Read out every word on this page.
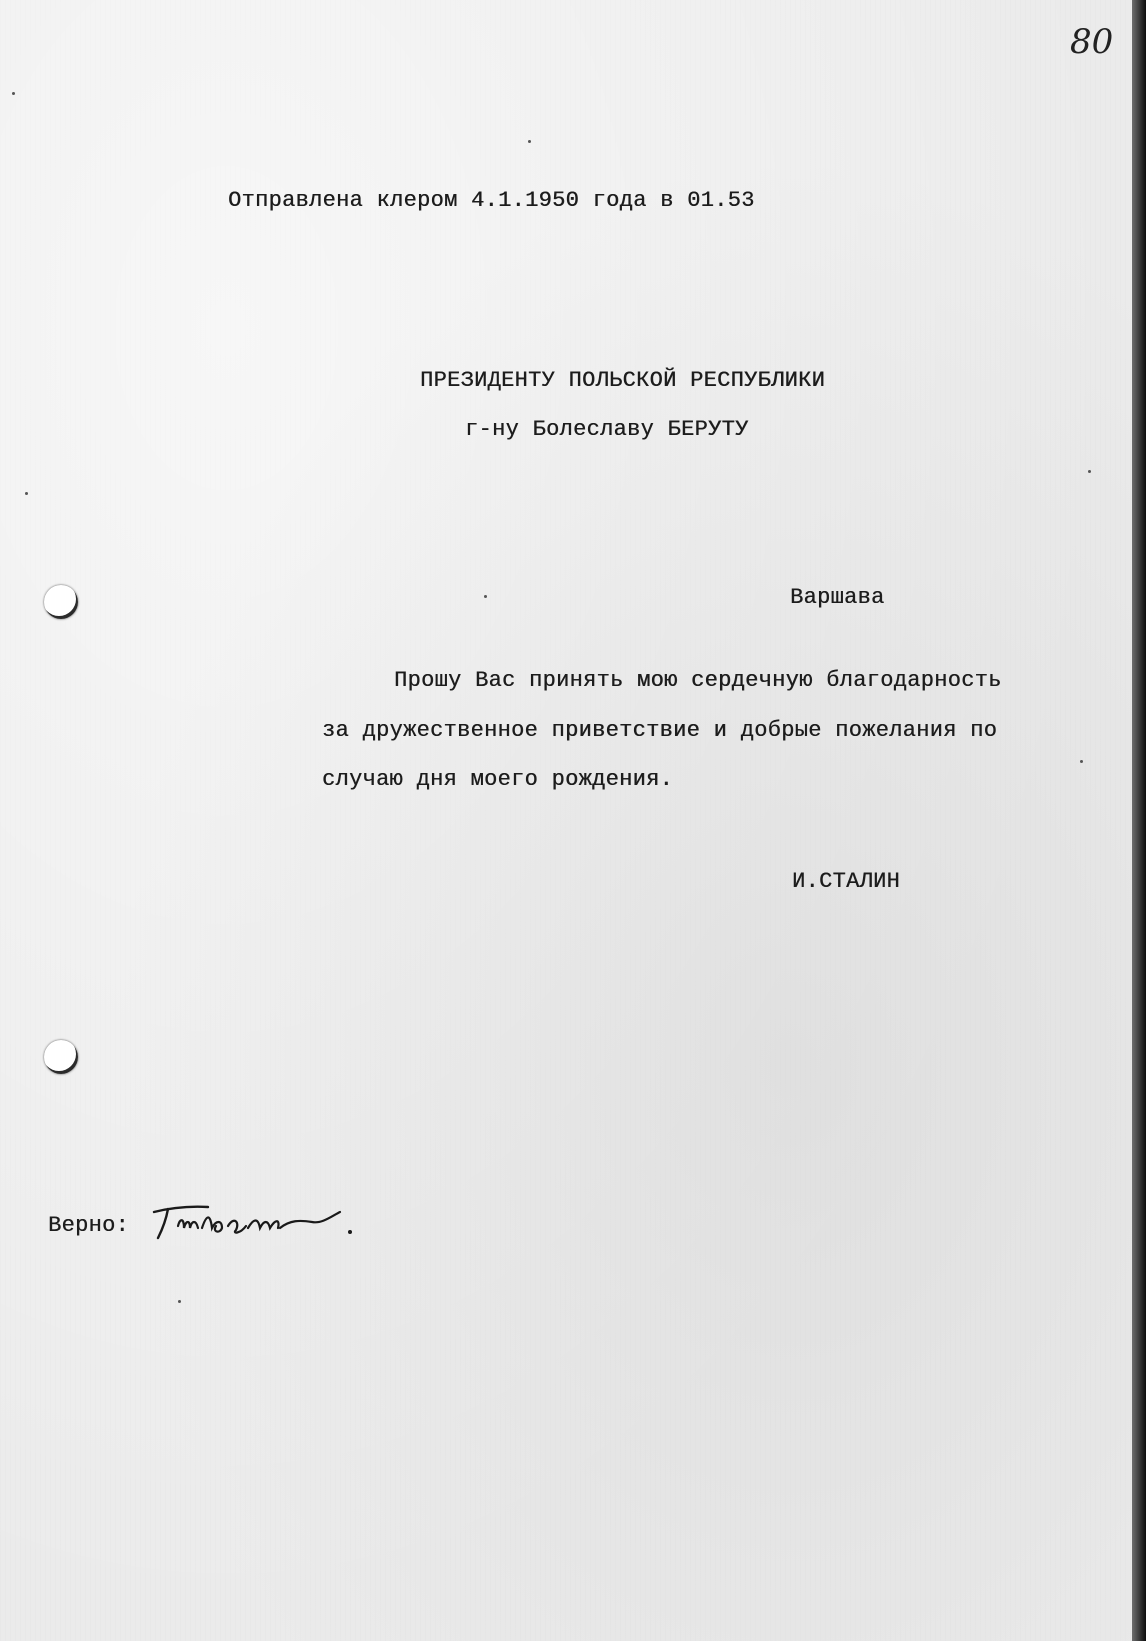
80
Отправлена клером 4.1.1950 года в 01.53
ПРЕЗИДЕНТУ ПОЛЬСКОЙ РЕСПУБЛИКИ
г-ну Болеславу БЕРУТУ
Варшава
Прошу Вас принять мою сердечную благодарность
за дружественное приветствие и добрые пожелания по
случаю дня моего рождения.
И.СТАЛИН
Верно:
